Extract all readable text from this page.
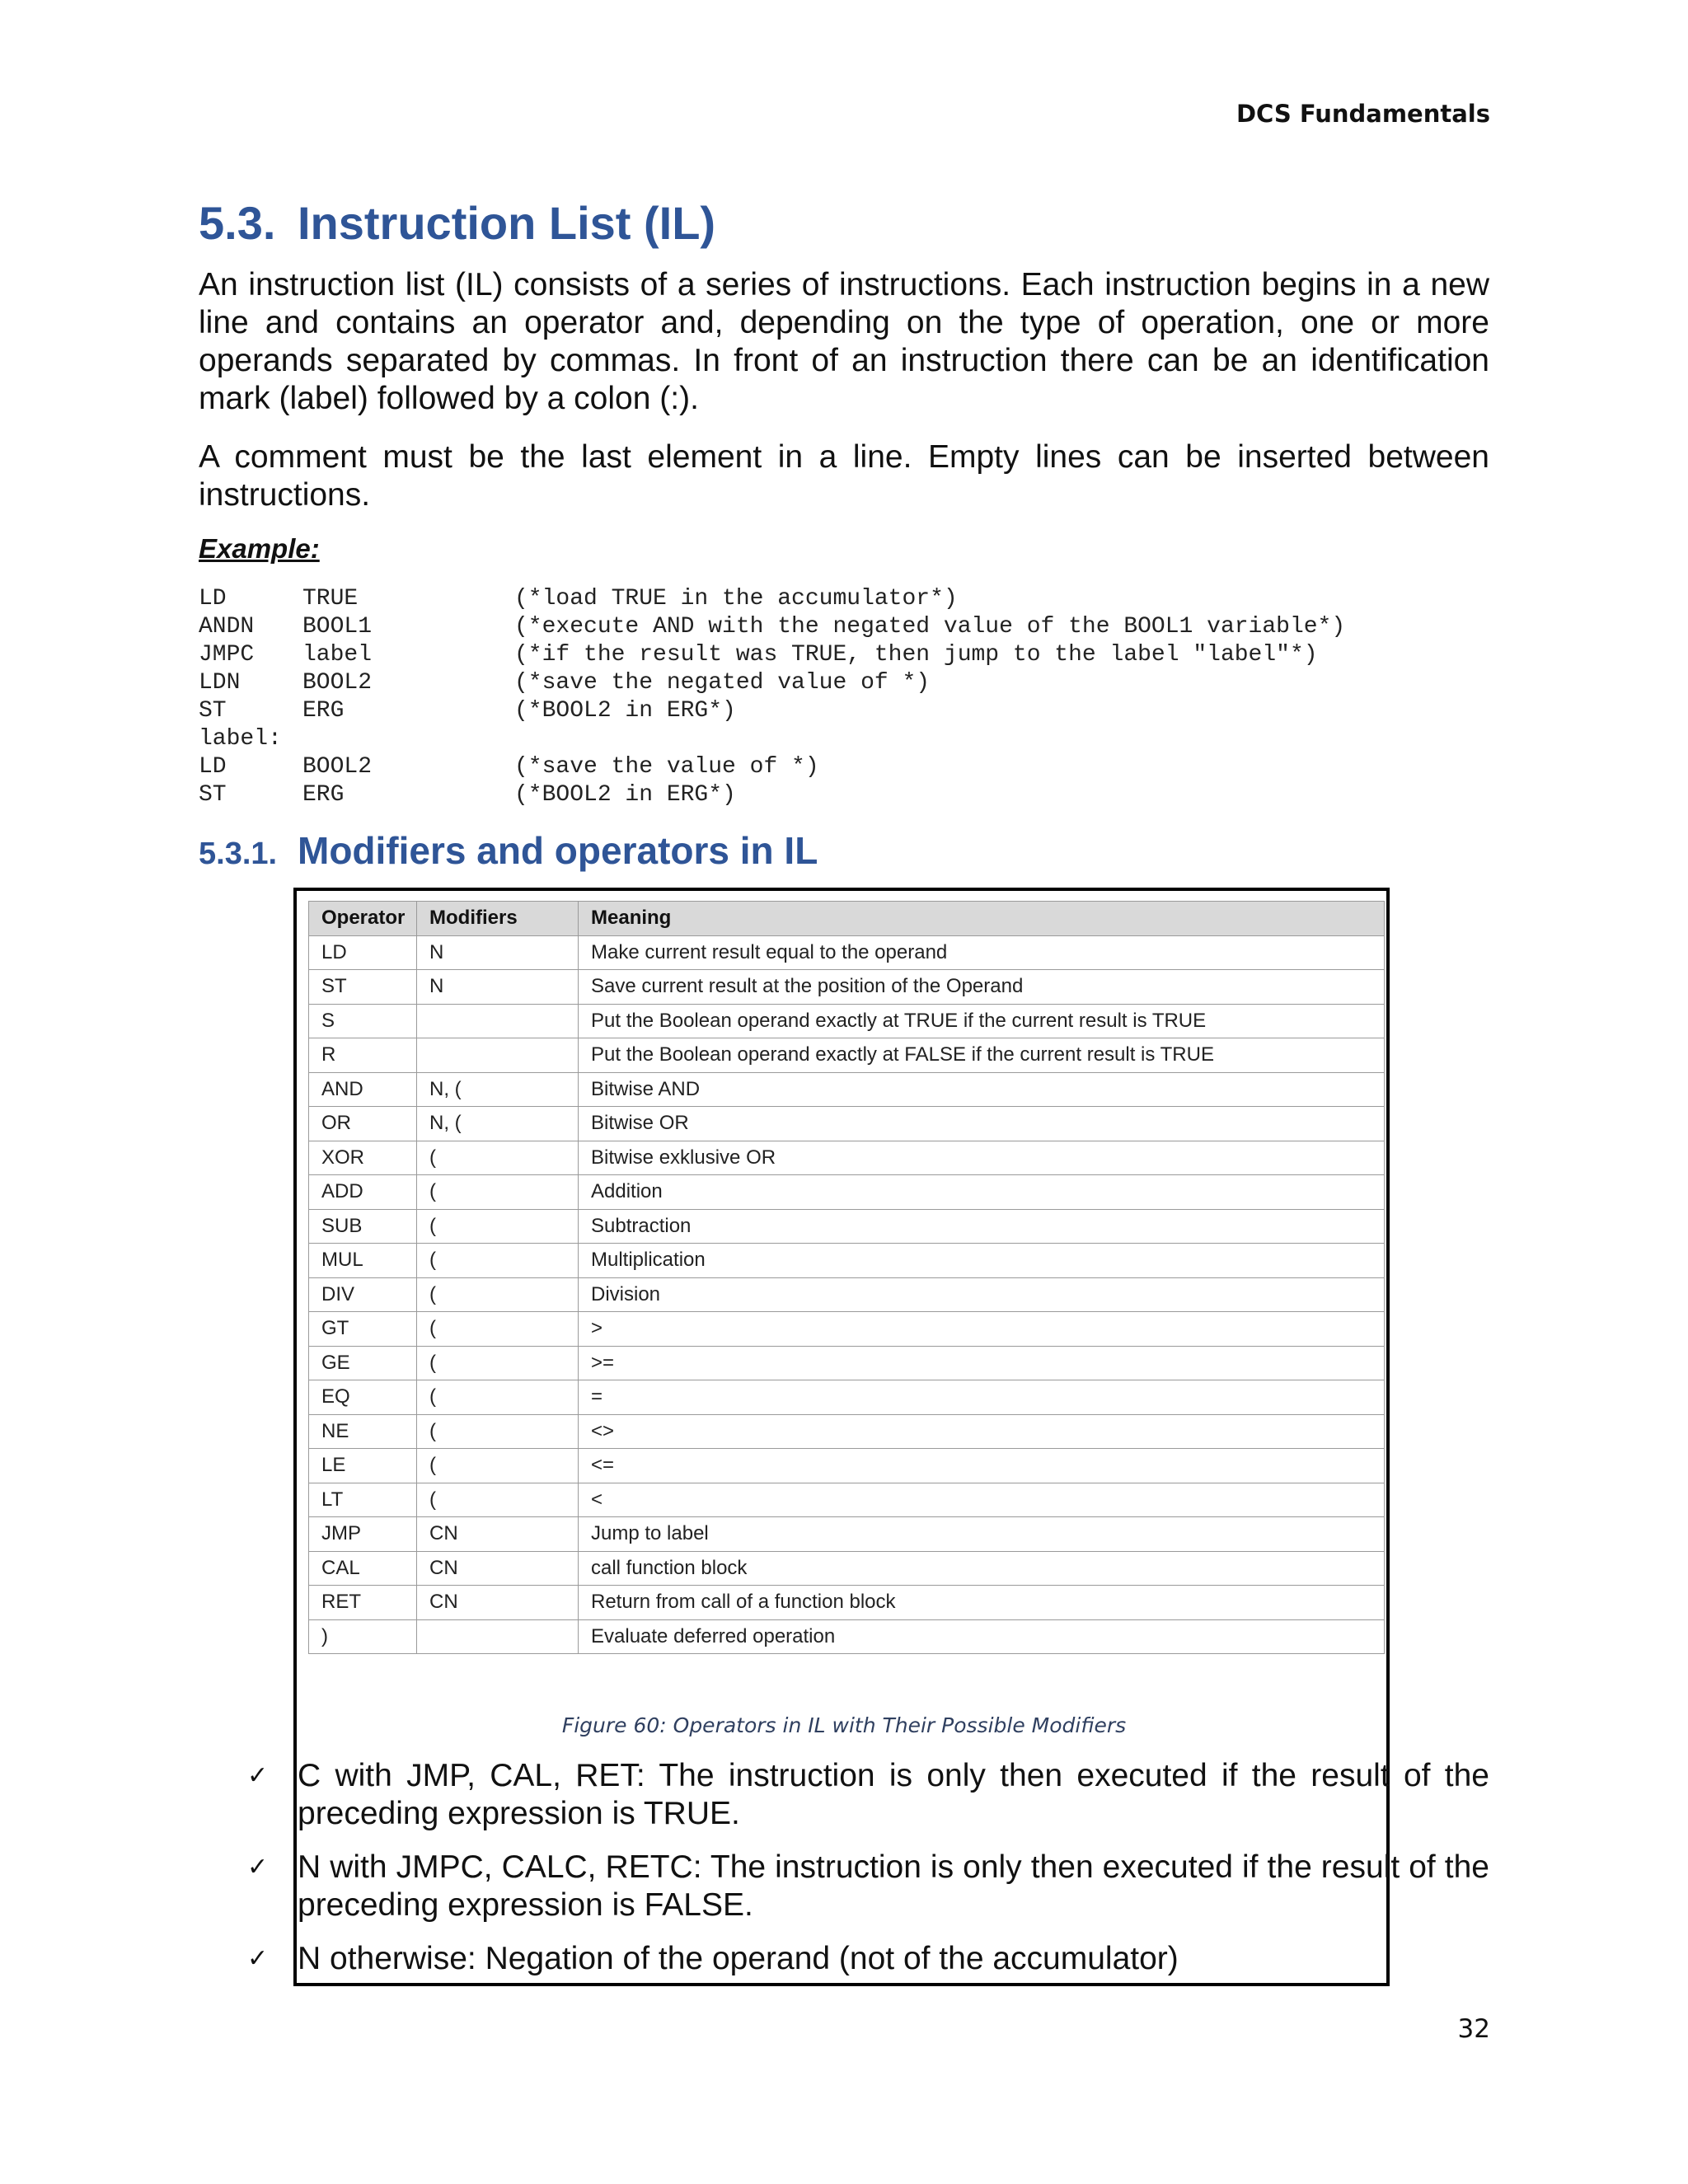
DCS Fundamentals
5.3. Instruction List (IL)

An instruction list (IL) consists of a series of instructions. Each instruction begins in a new line and contains an operator and, depending on the type of operation, one or more operands separated by commas. In front of an instruction there can be an identification mark (label) followed by a colon (:).

A comment must be the last element in a line. Empty lines can be inserted between instructions.

Example:
LD	TRUE	(*load TRUE in the accumulator*)
ANDN BOOL1	(*execute AND with the negated value of the BOOL1 variable*)
JMPC label	(*if the result was TRUE, then jump to the label "label"*)
LDN	BOOL2	(*save the negated value of *)
ST	ERG	(*BOOL2 in ERG*)
label:
LD	BOOL2	(*save the value of *)
ST	ERG	(*BOOL2 in ERG*)
5.3.1. Modifiers and operators in IL
Operator	Modifiers	Meaning
LD	N	Make current result equal to the operand
ST	N	Save current result at the position of the Operand
S		Put the Boolean operand exactly at TRUE if the current result is TRUE
R		Put the Boolean operand exactly at FALSE if the current result is TRUE
AND	N, (	Bitwise AND
OR	N, (	Bitwise OR
XOR	(	Bitwise exklusive OR
ADD	(	Addition
SUB	(	Subtraction
MUL	(	Multiplication
DIV	(	Division
GT	(	>
GE	(	>=
EQ	(	=
NE	(	<>
LE	(	<=
LT	(	<
JMP	CN	Jump to label
CAL	CN	call function block
RET	CN	Return from call of a function block
)		Evaluate deferred operation
Figure 60: Operators in IL with Their Possible Modifiers
✓ C with JMP, CAL, RET: The instruction is only then executed if the result of the preceding expression is TRUE.
✓ N with JMPC, CALC, RETC: The instruction is only then executed if the result of the preceding expression is FALSE.
✓ N otherwise: Negation of the operand (not of the accumulator)
32
